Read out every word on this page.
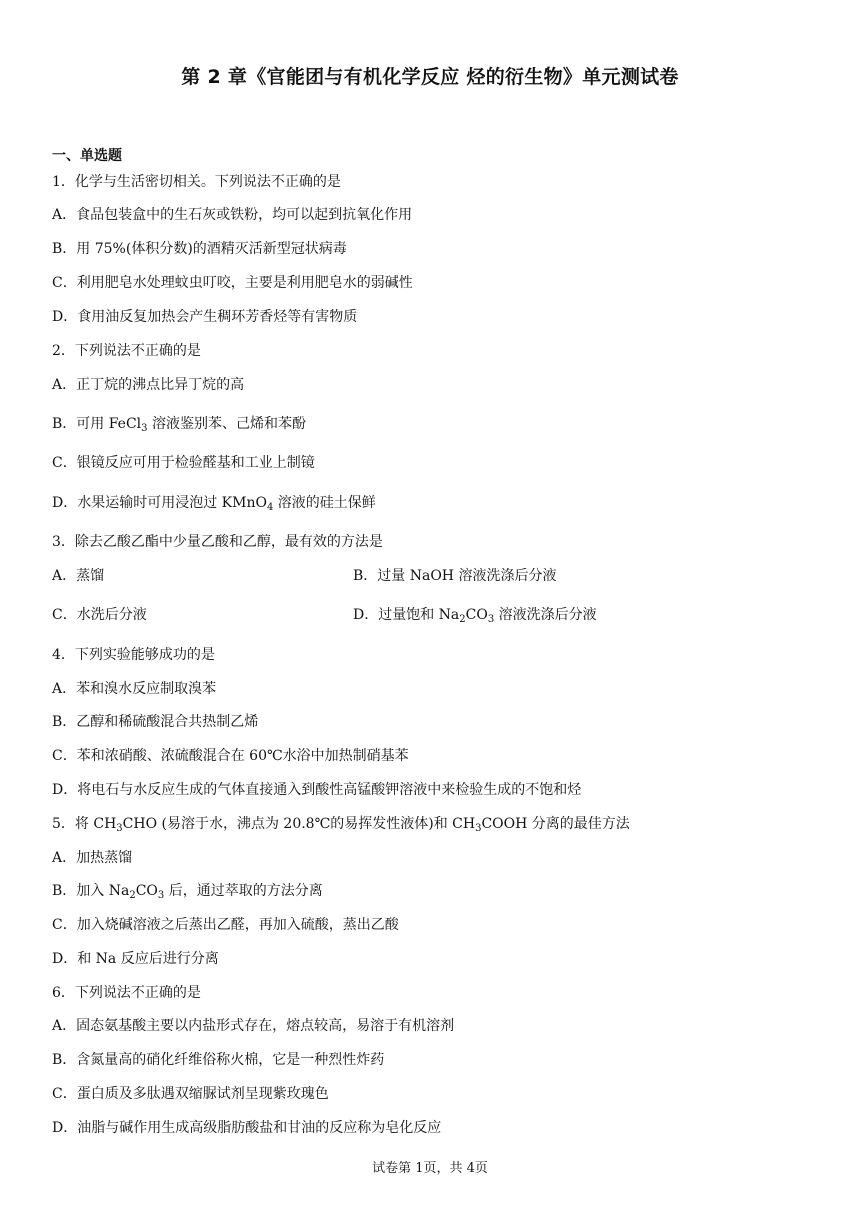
第 2 章《官能团与有机化学反应 烃的衍生物》单元测试卷
一、单选题
1．化学与生活密切相关。下列说法不正确的是
A．食品包装盒中的生石灰或铁粉，均可以起到抗氧化作用
B．用 75%(体积分数)的酒精灭活新型冠状病毒
C．利用肥皂水处理蚊虫叮咬，主要是利用肥皂水的弱碱性
D．食用油反复加热会产生稠环芳香烃等有害物质
2．下列说法不正确的是
A．正丁烷的沸点比异丁烷的高
B．可用 FeCl$_3$ 溶液鉴别苯、己烯和苯酚
C．银镜反应可用于检验醛基和工业上制镜
D．水果运输时可用浸泡过 KMnO$_4$ 溶液的硅土保鲜
3．除去乙酸乙酯中少量乙酸和乙醇，最有效的方法是
A．蒸馏	B．过量 NaOH 溶液洗涤后分液
C．水洗后分液	D．过量饱和 $Na_2CO_3$ 溶液洗涤后分液
4．下列实验能够成功的是
A．苯和溴水反应制取溴苯
B．乙醇和稀硫酸混合共热制乙烯
C．苯和浓硝酸、浓硫酸混合在 60℃水浴中加热制硝基苯
D．将电石与水反应生成的气体直接通入到酸性高锰酸钾溶液中来检验生成的不饱和烃
5．将 $CH_3CHO$ (易溶于水，沸点为 20.8℃的易挥发性液体)和 $CH_3COOH$ 分离的最佳方法
A．加热蒸馏
B．加入 $Na_2CO_3$ 后，通过萃取的方法分离
C．加入烧碱溶液之后蒸出乙醛，再加入硫酸，蒸出乙酸
D．和 Na 反应后进行分离
6．下列说法不正确的是
A．固态氨基酸主要以内盐形式存在，熔点较高，易溶于有机溶剂
B．含氮量高的硝化纤维俗称火棉，它是一种烈性炸药
C．蛋白质及多肽遇双缩脲试剂呈现紫玫瑰色
D．油脂与碱作用生成高级脂肪酸盐和甘油的反应称为皂化反应
试卷第 1页，共 4页
